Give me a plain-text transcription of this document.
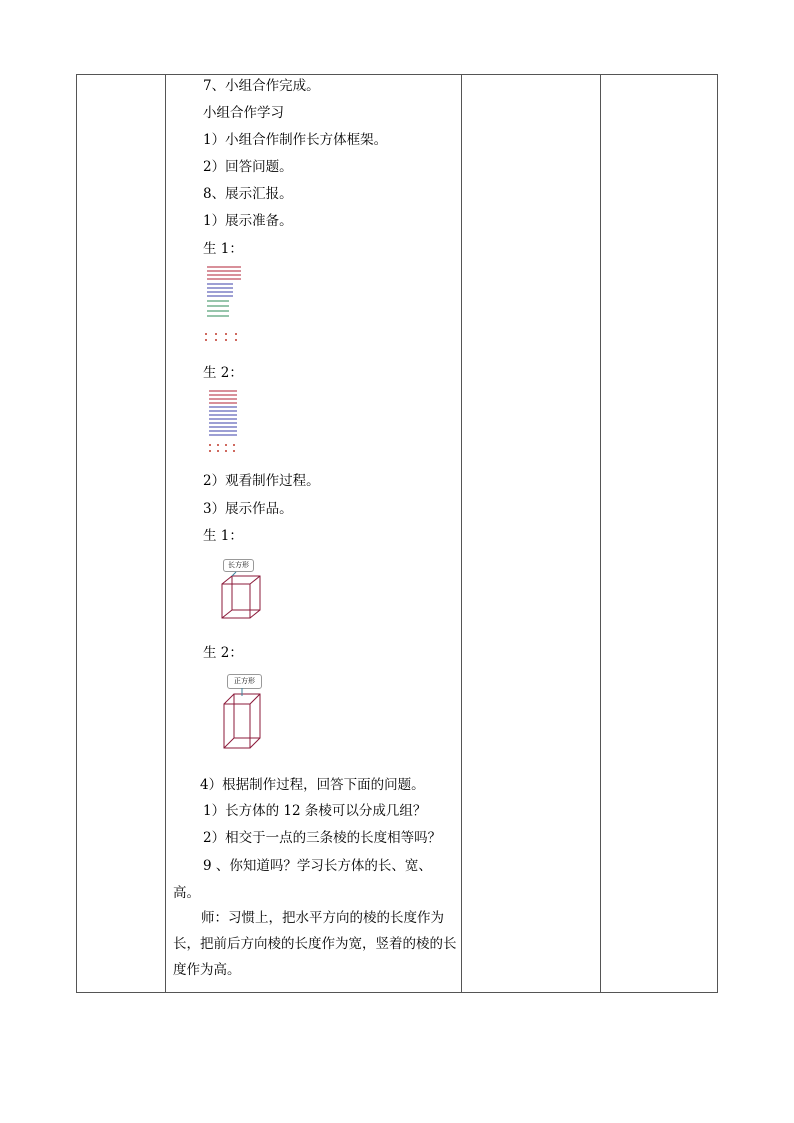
7、小组合作完成。
小组合作学习
1）小组合作制作长方体框架。
2）回答问题。
8、展示汇报。
1）展示准备。
生 1：
生 2：
2）观看制作过程。
3）展示作品。
生 1：
长方形
生 2：
正方形
4）根据制作过程，回答下面的问题。
1）长方体的 12 条棱可以分成几组？
2）相交于一点的三条棱的长度相等吗？
9 、你知道吗？学习长方体的长、宽、
高。
师：习惯上，把水平方向的棱的长度作为长，把前后方向棱的长度作为宽，竖着的棱的长度作为高。
